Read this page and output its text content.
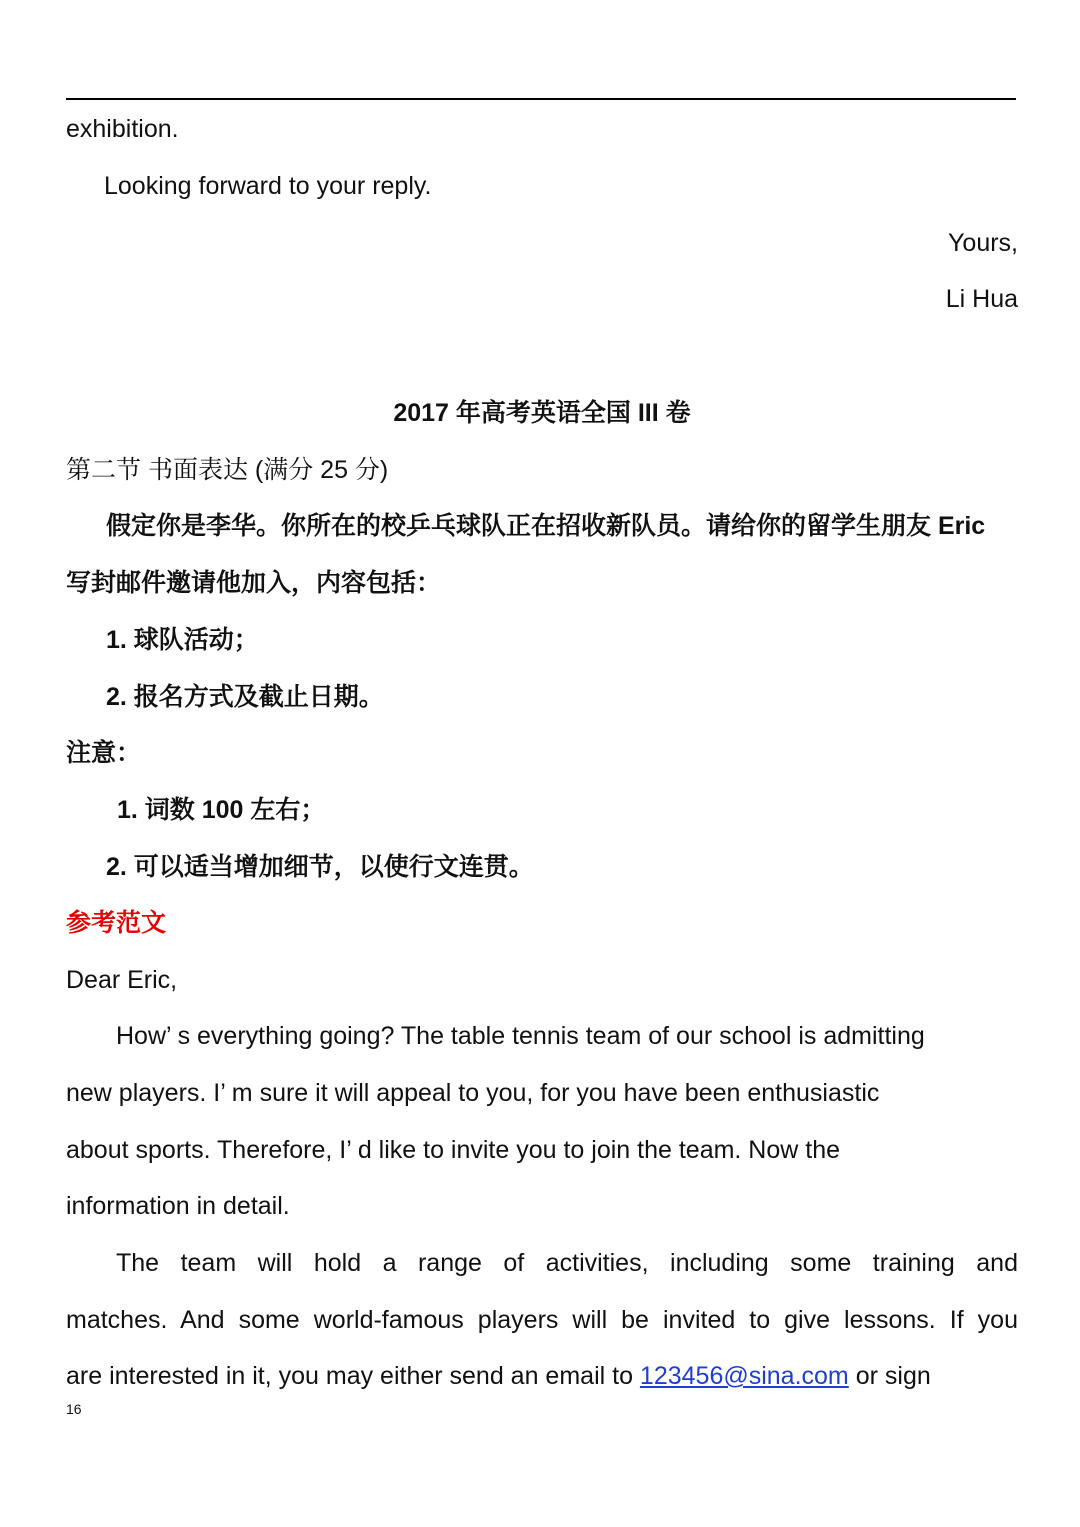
exhibition.
Looking forward to your reply.
Yours,
Li Hua
2017 年高考英语全国 III 卷
第二节 书面表达 (满分 25 分)
假定你是李华。你所在的校乒乓球队正在招收新队员。请给你的留学生朋友 Eric
写封邮件邀请他加入，内容包括：
1. 球队活动；
2. 报名方式及截止日期。
注意：
1. 词数 100 左右；
2. 可以适当增加细节，以使行文连贯。
参考范文
Dear Eric,
How’ s everything going? The table tennis team of our school is admitting
new players. I’ m sure it will appeal to you, for you have been enthusiastic
about sports. Therefore, I’ d like to invite you to join the team. Now the
information in detail.
The team will hold a range of activities, including some training and
matches. And some world-famous players will be invited to give lessons. If you
are interested in it, you may either send an email to 123456@sina.com or sign
16
